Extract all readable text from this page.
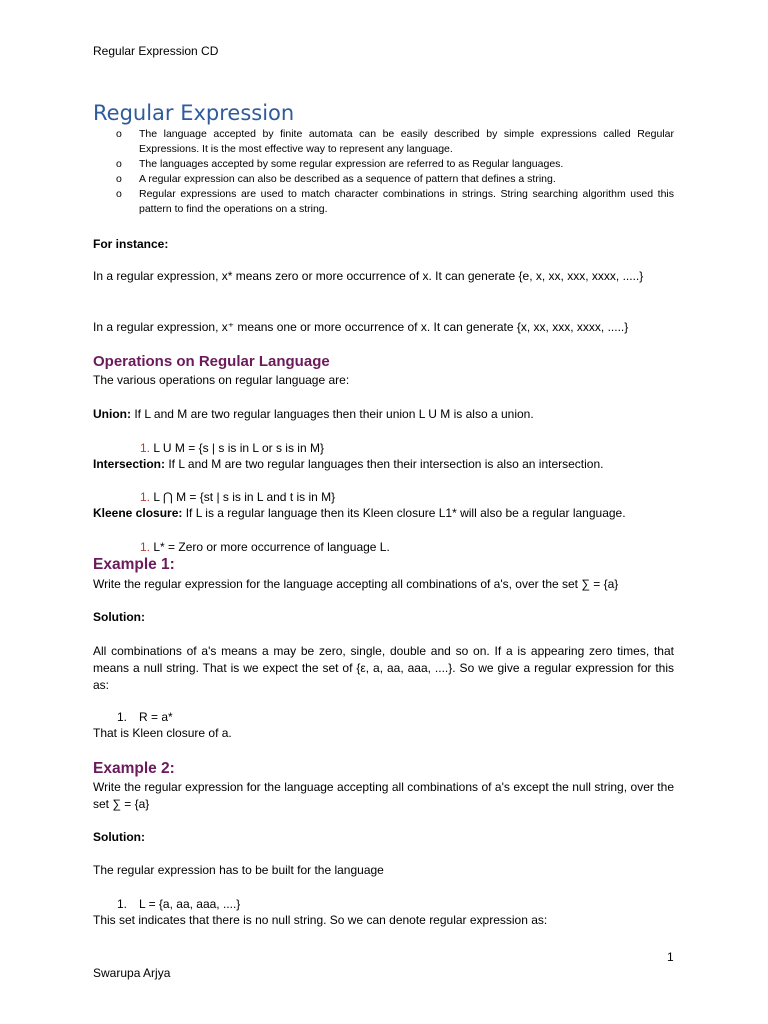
Regular Expression CD
Regular Expression
o The language accepted by finite automata can be easily described by simple expressions called Regular Expressions. It is the most effective way to represent any language.
o The languages accepted by some regular expression are referred to as Regular languages.
o A regular expression can also be described as a sequence of pattern that defines a string.
o Regular expressions are used to match character combinations in strings. String searching algorithm used this pattern to find the operations on a string.
For instance:
In a regular expression, x* means zero or more occurrence of x. It can generate {e, x, xx, xxx, xxxx, .....}
In a regular expression, x⁺ means one or more occurrence of x. It can generate {x, xx, xxx, xxxx, .....}
Operations on Regular Language
The various operations on regular language are:
Union: If L and M are two regular languages then their union L U M is also a union.
1. L U M = {s | s is in L or s is in M}
Intersection: If L and M are two regular languages then their intersection is also an intersection.
1. L ⋂ M = {st | s is in L and t is in M}
Kleene closure: If L is a regular language then its Kleen closure L1* will also be a regular language.
1. L* = Zero or more occurrence of language L.
Example 1:
Write the regular expression for the language accepting all combinations of a's, over the set ∑ = {a}
Solution:
All combinations of a's means a may be zero, single, double and so on. If a is appearing zero times, that means a null string. That is we expect the set of {ε, a, aa, aaa, ....}. So we give a regular expression for this as:
1. R = a*
That is Kleen closure of a.
Example 2:
Write the regular expression for the language accepting all combinations of a's except the null string, over the set ∑ = {a}
Solution:
The regular expression has to be built for the language
1. L = {a, aa, aaa, ....}
This set indicates that there is no null string. So we can denote regular expression as:
1
Swarupa Arjya
